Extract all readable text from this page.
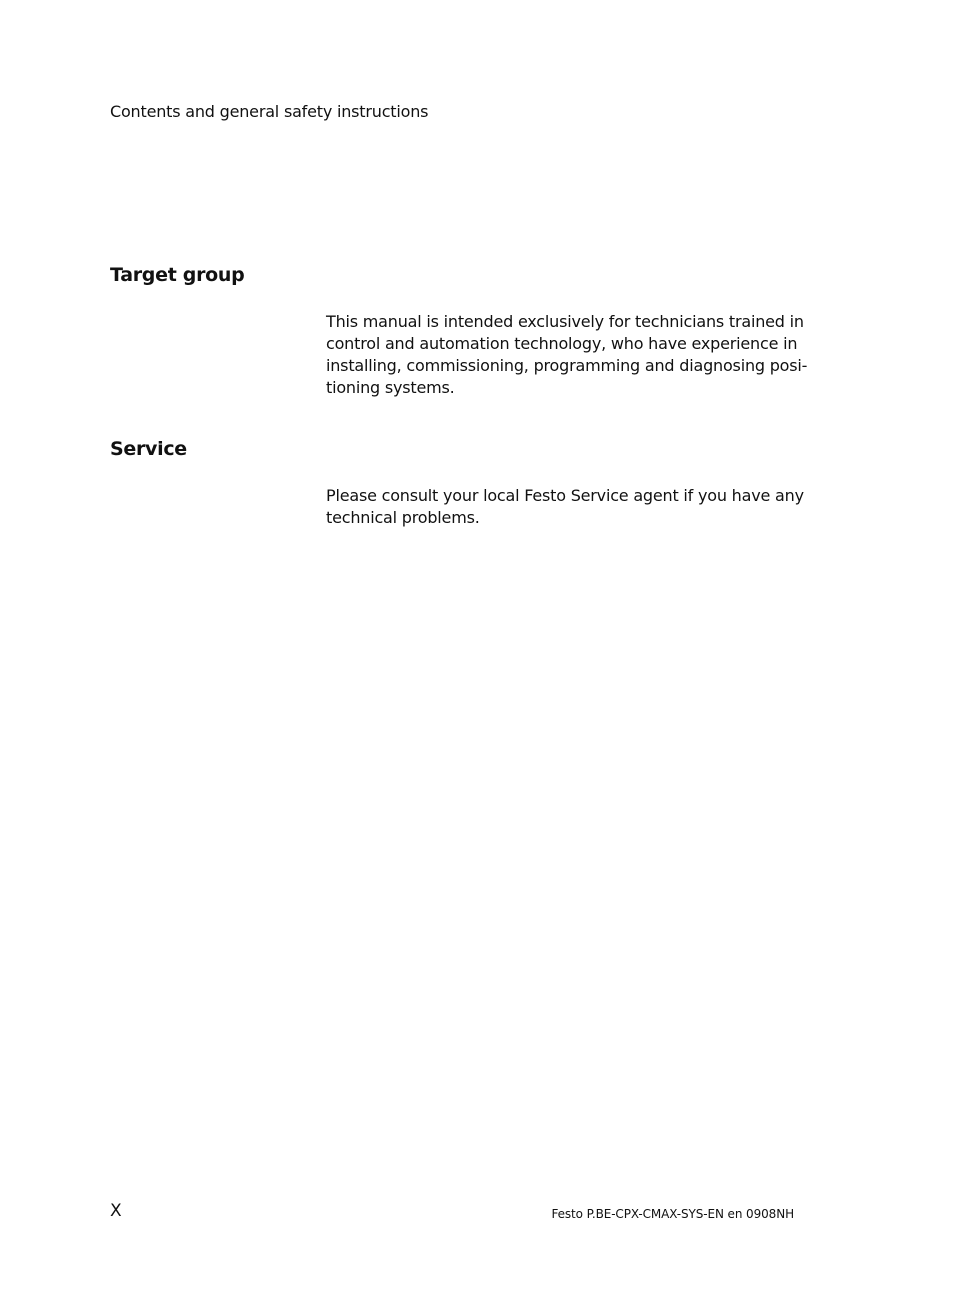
Contents and general safety instructions
Target group

This manual is intended exclusively for technicians trained in

control and automation technology, who have experience in

installing, commissioning, programming and diagnosing posi-

tioning systems.

Service

Please consult your local Festo Service agent if you have any

technical problems.

X	Festo P.BE-CPX-CMAX-SYS-EN en 0908NH
